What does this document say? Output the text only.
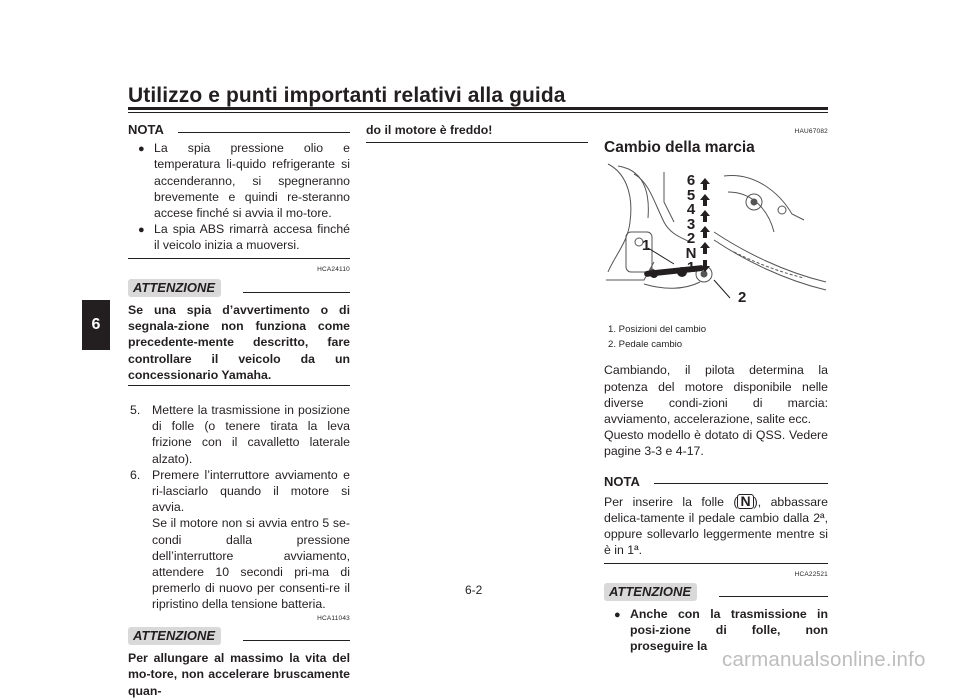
Utilizzo e punti importanti relativi alla guida
6
NOTA
● La spia pressione olio e temperatura li-quido refrigerante si accenderanno, si spegneranno brevemente e quindi re-steranno accese finché si avvia il mo-tore.
● La spia ABS rimarrà accesa finché il veicolo inizia a muoversi.
HCA24110
ATTENZIONE
Se una spia d’avvertimento o di segnala-zione non funziona come precedente-mente descritto, fare controllare il veicolo da un concessionario Yamaha.
5. Mettere la trasmissione in posizione di folle (o tenere tirata la leva frizione con il cavalletto laterale alzato).
6. Premere l’interruttore avviamento e ri-lasciarlo quando il motore si avvia.
Se il motore non si avvia entro 5 se-condi dalla pressione dell’interruttore avviamento, attendere 10 secondi pri-ma di premerlo di nuovo per consenti-re il ripristino della tensione batteria.
HCA11043
ATTENZIONE
Per allungare al massimo la vita del mo-tore, non accelerare bruscamente quan-
do il motore è freddo!	HAU67082
Cambio della marcia
6
5
4
3
2
N
1
1
2
1. Posizioni del cambio
2. Pedale cambio
Cambiando, il pilota determina la potenza del motore disponibile nelle diverse condi-zioni di marcia: avviamento, accelerazione, salite ecc.
Questo modello è dotato di QSS. Vedere pagine 3-3 e 4-17.
NOTA
Per inserire la folle ( N ), abbassare delica-tamente il pedale cambio dalla 2ª, oppure sollevarlo leggermente mentre si è in 1ª.
HCA22521
ATTENZIONE
● Anche con la trasmissione in posi-zione di folle, non proseguire la
6-2
carmanualsonline.info
